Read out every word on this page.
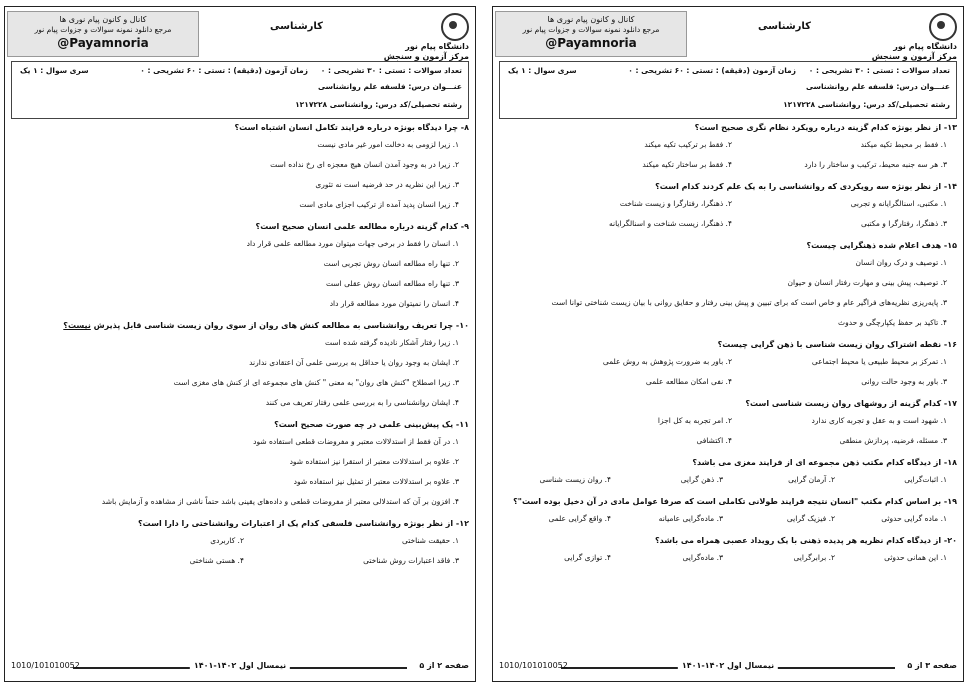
دانشگاه پیام نور
مرکز آزمون و سنجش
کارشناسی
کانال و کانون پیام نوری ها
مرجع دانلود نمونه سوالات و جزوات پیام نور
@Payamnoria
تعداد سوالات : تستی : ۳۰ تشریحی : ۰
زمان آزمون (دقیقه) : تستی : ۶۰ تشریحی : ۰
سری سوال : ۱ یک
عنـــوان درس: فلسفه علم روانشناسی
رشته تحصیلی/کد درس: روانشناسی ۱۲۱۷۲۲۸
۸- چرا دیدگاه بونژه درباره فرایند تکامل انسان اشتباه است؟
۱. زیرا لزومی به دخالت امور غیر مادی نیست
۲. زیرا در به وجود آمدن انسان هیچ معجزه ای رخ نداده است
۳. زیرا این نظریه در حد فرضیه است نه تئوری
۴. زیرا انسان پدید آمده از ترکیب اجزای مادی است
۹- کدام گزینه درباره مطالعه علمی انسان صحیح است؟
۱. انسان را فقط در برخی جهات میتوان مورد مطالعه علمی قرار داد
۲. تنها راه مطالعه انسان روش تجربی است
۳. تنها راه مطالعه انسان روش عقلی است
۴. انسان را نمیتوان مورد مطالعه قرار داد
۱۰- چرا تعریف روانشناسی به مطالعه کنش های روان از سوی روان زیست شناسی قابل پذیرش نیست؟
۱. زیرا رفتار آشکار نادیده گرفته شده است
۲. ایشان به وجود روان یا حداقل به بررسی علمی آن اعتقادی ندارند
۳. زیرا اصطلاح "کنش های روان" به معنی " کنش های مجموعه ای از کنش های مغزی است
۴. ایشان روانشناسی را به بررسی علمی رفتار تعریف می کنند
۱۱- یک پیش‌بینی علمی در چه صورت صحیح است؟
۱. در آن فقط از استدلالات معتبر و مفروضات قطعی استفاده شود
۲. علاوه بر استدلالات معتبر از استقرا نیز استفاده شود
۳. علاوه بر استدلالات معتبر از تمثیل نیز استفاده شود
۴. افزون بر آن که استدلالی معتبر از مفروضات قطعی و داده‌های یقینی باشد حتماً ناشی از مشاهده و آزمایش باشد
۱۲- از نظر بونژه روانشناسی فلسفی کدام یک از اعتبارات روانشناختی را دارا است؟
۱. حقیقت شناختی
۲. کاربردی
۳. فاقد اعتبارات روش شناختی
۴. هستی شناختی
صفحه ۲ از ۵
نیمسال اول ۱۴۰۲-۱۴۰۱
1010/101010052

دانشگاه پیام نور
مرکز آزمون و سنجش
کارشناسی
کانال و کانون پیام نوری ها
مرجع دانلود نمونه سوالات و جزوات پیام نور
@Payamnoria
تعداد سوالات : تستی : ۳۰ تشریحی : ۰
زمان آزمون (دقیقه) : تستی : ۶۰ تشریحی : ۰
سری سوال : ۱ یک
عنـــوان درس: فلسفه علم روانشناسی
رشته تحصیلی/کد درس: روانشناسی ۱۲۱۷۲۲۸
۱۳- از نظر بونژه کدام گزینه درباره رویکرد نظام نگری صحیح است؟
۱. فقط بر محیط تکیه میکند
۲. فقط بر ترکیب تکیه میکند
۳. هر سه جنبه محیط، ترکیب و ساختار را دارد
۴. فقط بر ساختار تکیه میکند
۱۴- از نظر بونژه سه رویکردی که روانشناسی را به یک علم کردند کدام است؟
۱. مکتبی، اسنالگرایانه و تجربی
۲. ذهنگرا، رفتارگرا و زیست شناخت
۳. ذهنگرا، رفتارگرا و مکتبی
۴. ذهنگرا، زیست شناخت و اسنالگرایانه
۱۵- هدف اعلام شده ذهنگرایی چیست؟
۱. توصیف و درک روان انسان
۲. توصیف، پیش بینی و مهارت رفتار انسان و حیوان
۳. پایه‌ریزی نظریه‌های فراگیر عام و خاص است که برای تبیین و پیش بینی رفتار و حقایق روانی با بیان زیست شناختی توانا است
۴. تاکید بر حفظ یکپارچگی و حدوث
۱۶- نقطه اشتراک روان زیست شناسی با ذهن گرایی چیست؟
۱. تمرکز بر محیط طبیعی یا محیط اجتماعی
۲. باور به ضرورت پژوهش به روش علمی
۳. باور به وجود حالت روانی
۴. نفی امکان مطالعه علمی
۱۷- کدام گزینه از روشهای روان زیست شناسی است؟
۱. شهود است و به عقل و تجربه کاری ندارد
۲. امر تجربه به کل اجزا
۳. مسئله، فرضیه، پردازش منطقی
۴. اکتشافی
۱۸- از دیدگاه کدام مکتب ذهن مجموعه ای از فرایند مغزی می باشد؟
۱. اثبات‌گرایی
۲. آرمان گرایی
۳. ذهن گرایی
۴. روان زیست شناسی
۱۹- بر اساس کدام مکتب "انسان نتیجه فرایند طولانی تکاملی است که صرفا عوامل مادی در آن دخیل بوده است"؟
۱. ماده گرایی حدوثی
۲. فیزیک گرایی
۳. ماده‌گرایی عامیانه
۴. واقع گرایی علمی
۲۰- از دیدگاه کدام نظریه هر پدیده ذهنی با یک رویداد عصبی همراه می باشد؟
۱. این همانی حدوثی
۲. برابرگرایی
۳. ماده‌گرایی
۴. توازی گرایی
صفحه ۳ از ۵
نیمسال اول ۱۴۰۲-۱۴۰۱
1010/101010052
